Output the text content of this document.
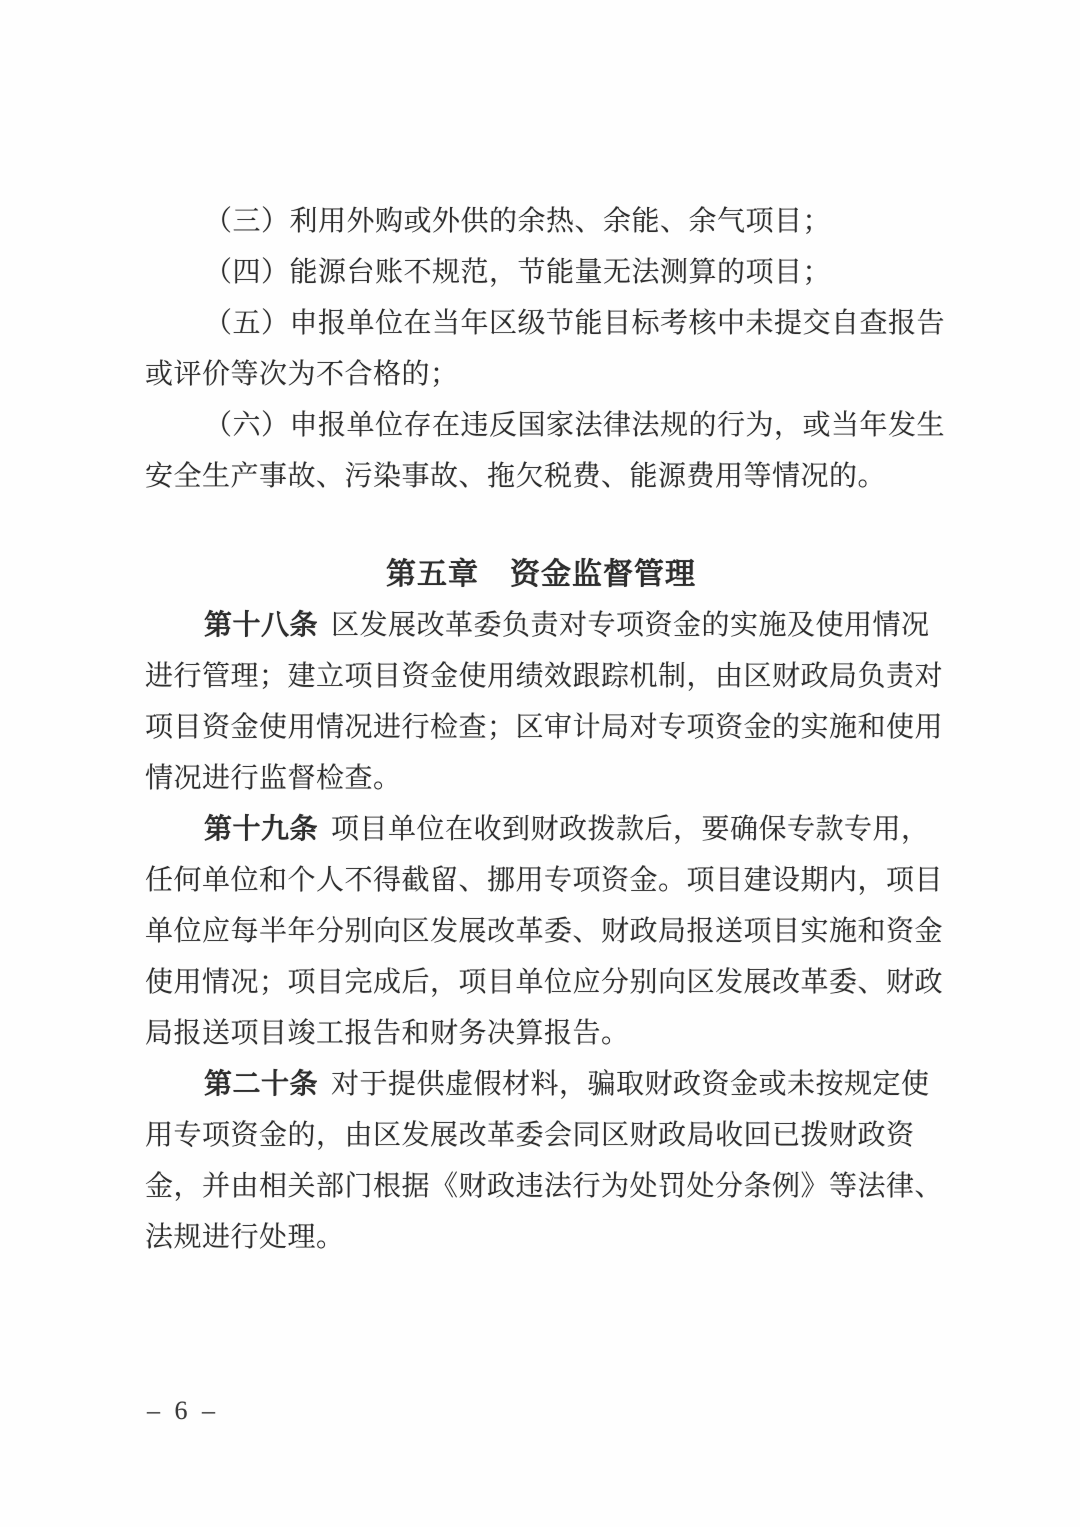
（三）利用外购或外供的余热、余能、余气项目；
（四）能源台账不规范，节能量无法测算的项目；
（五）申报单位在当年区级节能目标考核中未提交自查报告
或评价等次为不合格的；
（六）申报单位存在违反国家法律法规的行为，或当年发生
安全生产事故、污染事故、拖欠税费、能源费用等情况的。
第五章　资金监督管理
第十八条 区发展改革委负责对专项资金的实施及使用情况
进行管理；建立项目资金使用绩效跟踪机制，由区财政局负责对
项目资金使用情况进行检查；区审计局对专项资金的实施和使用
情况进行监督检查。
第十九条 项目单位在收到财政拨款后，要确保专款专用，
任何单位和个人不得截留、挪用专项资金。项目建设期内，项目
单位应每半年分别向区发展改革委、财政局报送项目实施和资金
使用情况；项目完成后，项目单位应分别向区发展改革委、财政
局报送项目竣工报告和财务决算报告。
第二十条 对于提供虚假材料，骗取财政资金或未按规定使
用专项资金的，由区发展改革委会同区财政局收回已拨财政资
金，并由相关部门根据《财政违法行为处罚处分条例》等法律、
法规进行处理。
– 6 –
